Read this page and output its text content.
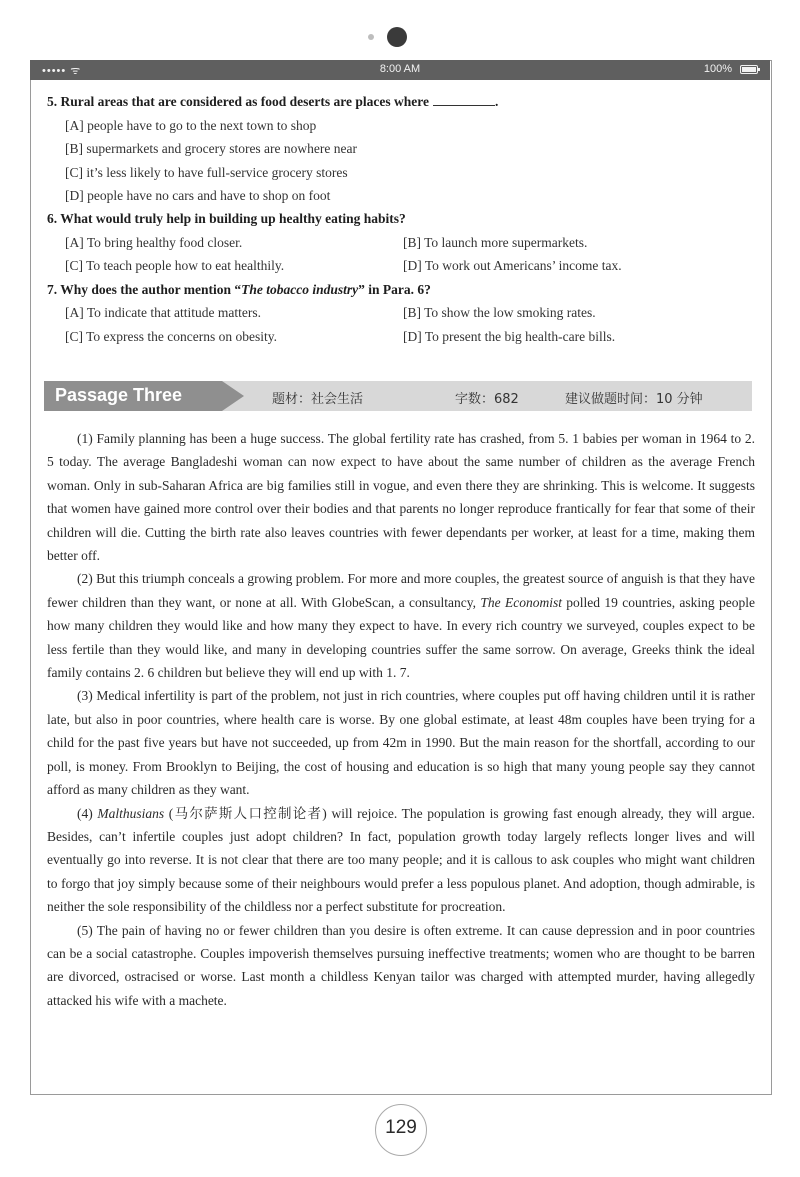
••••• ᯤ	8:00 AM	100%
5. Rural areas that are considered as food deserts are places where	.
[A] people have to go to the next town to shop
[B] supermarkets and grocery stores are nowhere near
[C] it’s less likely to have full-service grocery stores
[D] people have no cars and have to shop on foot
6. What would truly help in building up healthy eating habits?
[A] To bring healthy food closer.	[B] To launch more supermarkets.
[C] To teach people how to eat healthily.	[D] To work out Americans’ income tax.
7. Why does the author mention “The tobacco industry” in Para. 6?
[A] To indicate that attitude matters.	[B] To show the low smoking rates.
[C] To express the concerns on obesity.	[D] To present the big health-care bills.
Passage Three	题材：社会生活	字数：682	建议做题时间：10 分钟

(1) Family planning has been a huge success. The global fertility rate has crashed, from 5. 1 babies per woman in 1964 to 2. 5 today. The average Bangladeshi woman can now expect to have about the same number of children as the average French woman. Only in sub-Saharan Africa are big families still in vogue, and even there they are shrinking. This is welcome. It suggests that women have gained more control over their bodies and that parents no longer reproduce frantically for fear that some of their children will die. Cutting the birth rate also leaves countries with fewer dependants per worker, at least for a time, making them better off.

(2) But this triumph conceals a growing problem. For more and more couples, the greatest source of anguish is that they have fewer children than they want, or none at all. With GlobeScan, a consultancy, The Economist polled 19 countries, asking people how many children they would like and how many they expect to have. In every rich country we surveyed, couples expect to be less fertile than they would like, and many in developing countries suffer the same sorrow. On average, Greeks think the ideal family contains 2. 6 children but believe they will end up with 1. 7.

(3) Medical infertility is part of the problem, not just in rich countries, where couples put off having children until it is rather late, but also in poor countries, where health care is worse. By one global estimate, at least 48m couples have been trying for a child for the past five years but have not succeeded, up from 42m in 1990. But the main reason for the shortfall, according to our poll, is money. From Brooklyn to Beijing, the cost of housing and education is so high that many young people say they cannot afford as many children as they want.

(4) Malthusians (马尔萨斯人口控制论者) will rejoice. The population is growing fast enough already, they will argue. Besides, can’t infertile couples just adopt children? In fact, population growth today largely reflects longer lives and will eventually go into reverse. It is not clear that there are too many people; and it is callous to ask couples who might want children to forgo that joy simply because some of their neighbours would prefer a less populous planet. And adoption, though admirable, is neither the sole responsibility of the childless nor a perfect substitute for procreation.

(5) The pain of having no or fewer children than you desire is often extreme. It can cause depression and in poor countries can be a social catastrophe. Couples impoverish themselves pursuing ineffective treatments; women who are thought to be barren are divorced, ostracised or worse. Last month a childless Kenyan tailor was charged with attempted murder, having allegedly attacked his wife with a machete.

129
